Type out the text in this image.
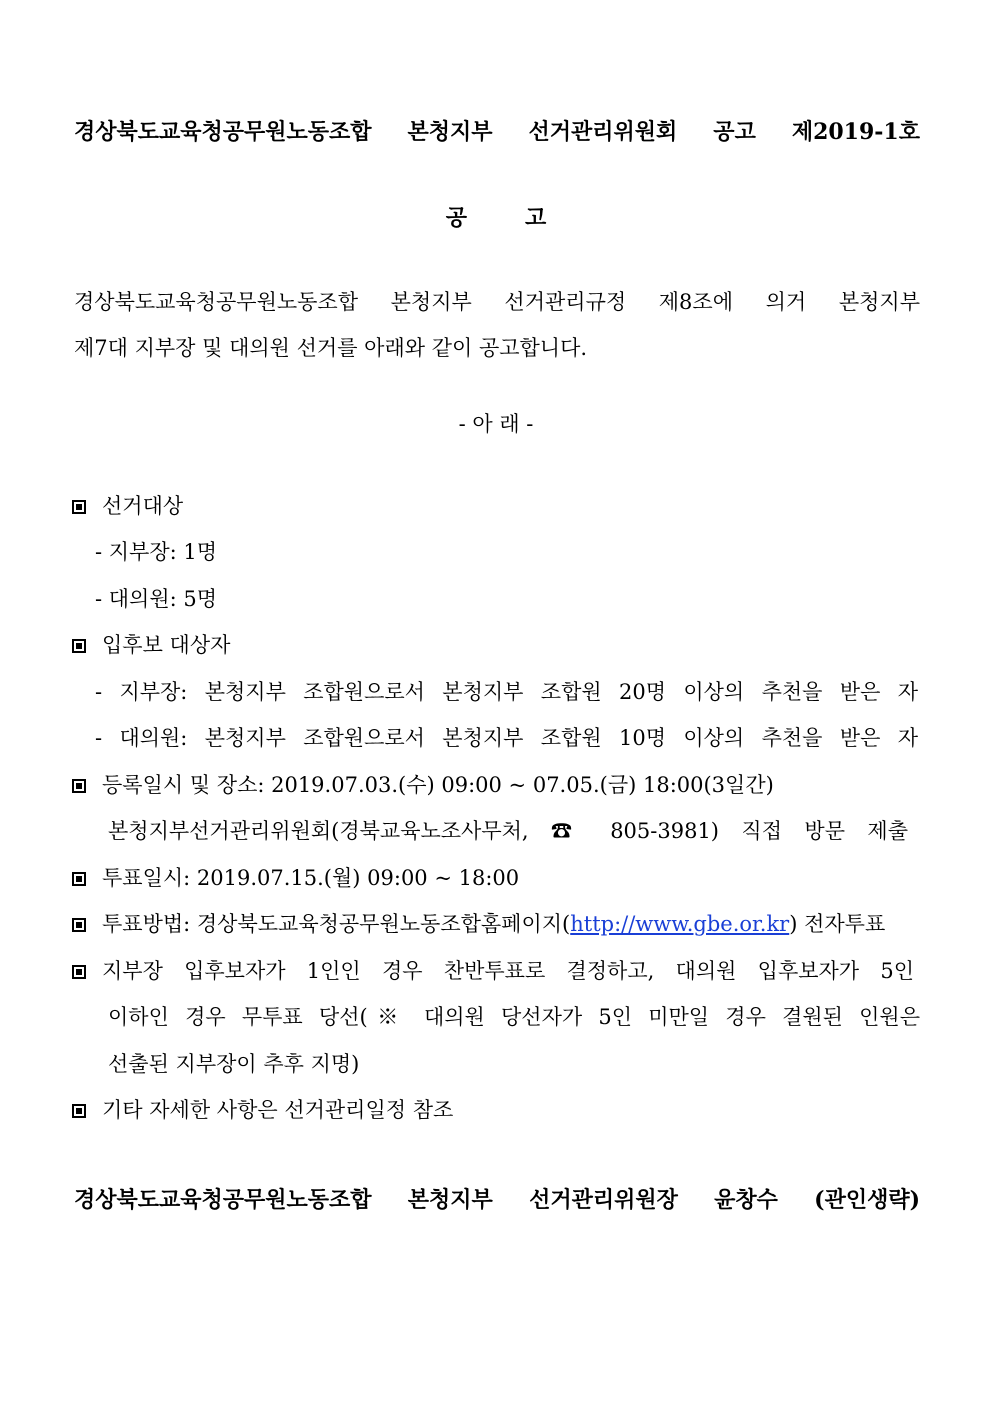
경상북도교육청공무원노동조합 본청지부 선거관리위원회 공고 제2019-1호
공	고
경상북도교육청공무원노동조합 본청지부 선거관리규정 제8조에 의거 본청지부
제7대 지부장 및 대의원 선거를 아래와 같이 공고합니다.
- 아 래 -
선거대상
- 지부장: 1명
- 대의원: 5명
입후보 대상자
- 지부장: 본청지부 조합원으로서 본청지부 조합원 20명 이상의 추천을 받은 자
- 대의원: 본청지부 조합원으로서 본청지부 조합원 10명 이상의 추천을 받은 자
등록일시 및 장소: 2019.07.03.(수) 09:00 ~ 07.05.(금) 18:00(3일간)
본청지부선거관리위원회(경북교육노조사무처, ☎ 805-3981) 직접 방문 제출
투표일시: 2019.07.15.(월) 09:00 ~ 18:00
투표방법: 경상북도교육청공무원노동조합홈페이지(http://www.gbe.or.kr) 전자투표
지부장 입후보자가 1인인 경우 찬반투표로 결정하고, 대의원 입후보자가 5인
이하인 경우 무투표 당선(※ 대의원 당선자가 5인 미만일 경우 결원된 인원은
선출된 지부장이 추후 지명)
기타 자세한 사항은 선거관리일정 참조
경상북도교육청공무원노동조합 본청지부 선거관리위원장 윤창수 (관인생략)
